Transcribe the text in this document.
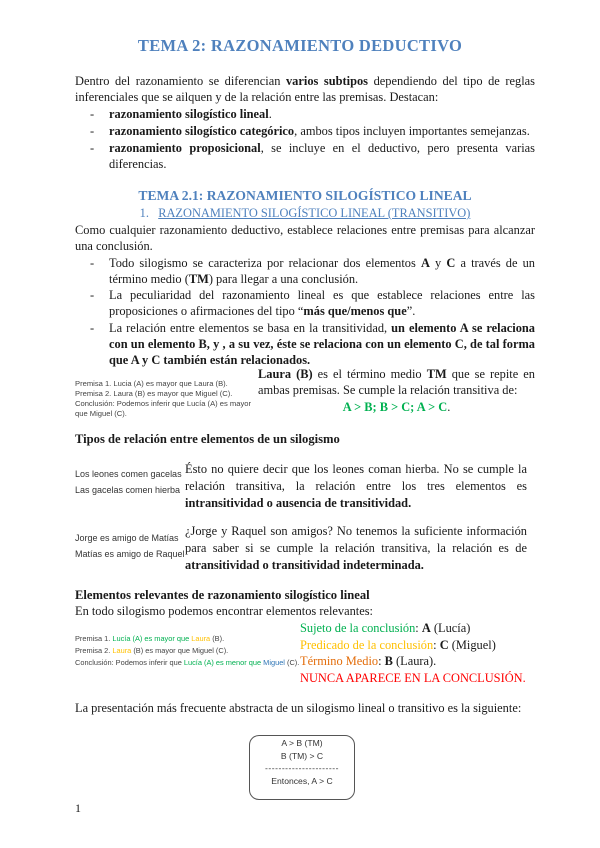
TEMA 2: RAZONAMIENTO DEDUCTIVO
Dentro del razonamiento se diferencian varios subtipos dependiendo del tipo de reglas inferenciales que se ailquen y de la relación entre las premisas. Destacan:
- razonamiento silogístico lineal.
- razonamiento silogístico categórico, ambos tipos incluyen importantes semejanzas.
- razonamiento proposicional, se incluye en el deductivo, pero presenta varias diferencias.
TEMA 2.1: RAZONAMIENTO SILOGÍSTICO LINEAL
1. RAZONAMIENTO SILOGÍSTICO LINEAL (TRANSITIVO)
Como cualquier razonamiento deductivo, establece relaciones entre premisas para alcanzar una conclusión.
- Todo silogismo se caracteriza por relacionar dos elementos A y C a través de un término medio (TM) para llegar a una conclusión.
- La peculiaridad del razonamiento lineal es que establece relaciones entre las proposiciones o afirmaciones del tipo “más que/menos que”.
- La relación entre elementos se basa en la transitividad, un elemento A se relaciona con un elemento B, y , a su vez, éste se relaciona con un elemento C, de tal forma que A y C también están relacionados.
Premisa 1. Lucia (A) es mayor que Laura (B).
Premisa 2. Laura (B) es mayor que Miguel (C).
Conclusión: Podemos inferir que Lucía (A) es mayor que Miguel (C).
Laura (B) es el término medio TM que se repite en ambas premisas. Se cumple la relación transitiva de:
A > B; B > C; A > C.
Tipos de relación entre elementos de un silogismo
Los leones comen gacelas
Las gacelas comen hierba
Ésto no quiere decir que los leones coman hierba. No se cumple la relación transitiva, la relación entre los tres elementos es intransitividad o ausencia de transitividad.
Jorge es amigo de Matías
Matías es amigo de Raquel
¿Jorge y Raquel son amigos? No tenemos la suficiente información para saber si se cumple la relación transitiva, la relación es de atransitividad o transitividad indeterminada.
Elementos relevantes de razonamiento silogístico lineal
En todo silogismo podemos encontrar elementos relevantes:
Premisa 1. Lucía (A) es mayor que Laura (B).
Premisa 2. Laura (B) es mayor que Miguel (C).
Conclusión: Podemos inferir que Lucía (A) es menor que Miguel (C).
Sujeto de la conclusión: A (Lucía)
Predicado de la conclusión: C (Miguel)
Término Medio: B (Laura).
NUNCA APARECE EN LA CONCLUSIÓN.
La presentación más frecuente abstracta de un silogismo lineal o transitivo es la siguiente:
A > B (TM)
B (TM) > C
----------------------
Entonces, A > C
1
